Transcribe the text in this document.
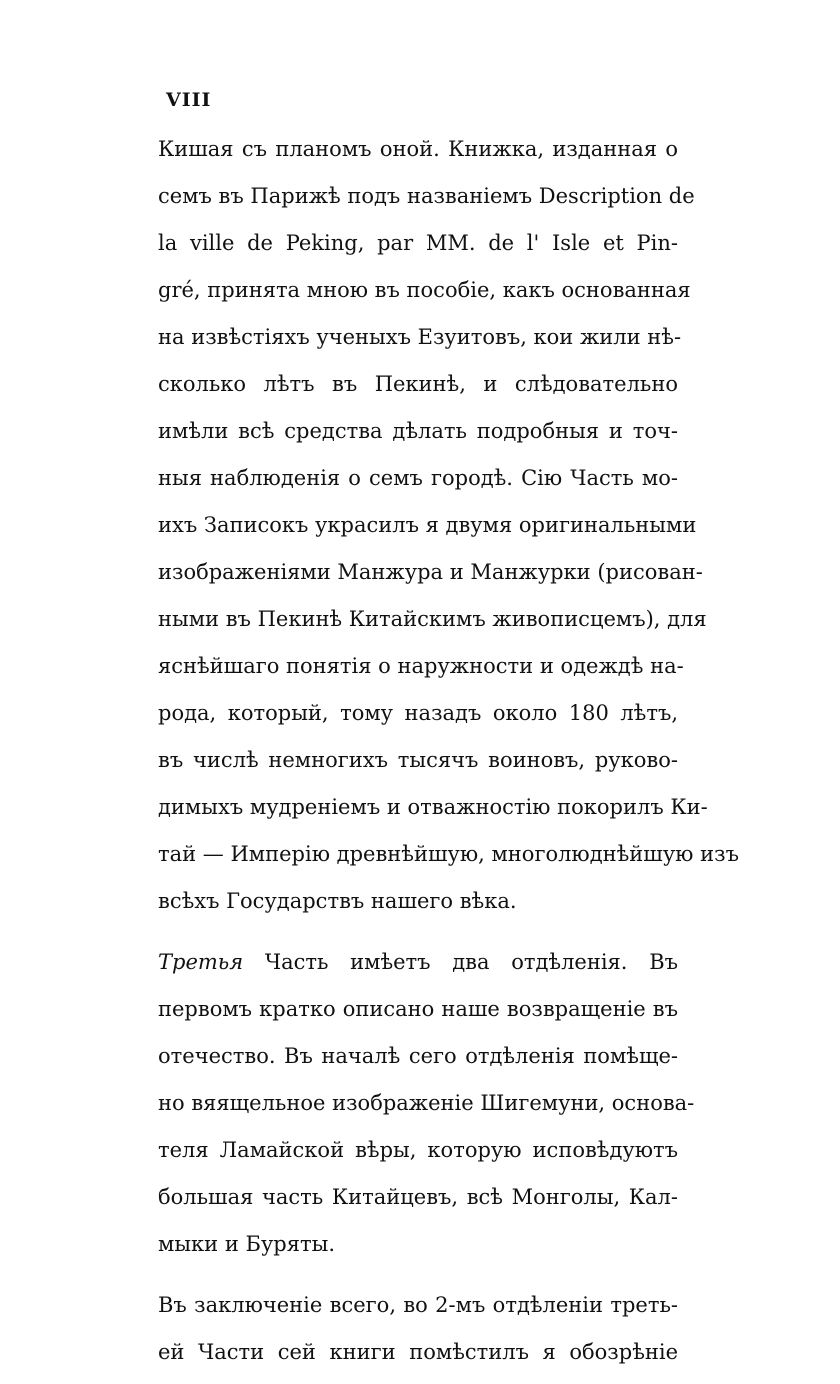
VIII
Кишая съ планомъ оной. Книжка, изданная о
семъ въ Парижѣ подъ названіемъ Description de
la ville de Peking, par MM. de l' Isle et Pin-
gré, принята мною въ пособіе, какъ основанная
на извѣстіяхъ ученыхъ Езуитовъ, кои жили нѣ-
сколько лѣтъ въ Пекинѣ, и слѣдовательно
имѣли всѣ средства дѣлать подробныя и точ-
ныя наблюденія о семъ городѣ. Сію Часть мо-
ихъ Записокъ украсилъ я двумя оригинальными
изображеніями Манжура и Манжурки (рисован-
ными въ Пекинѣ Китайскимъ живописцемъ), для
яснѣйшаго понятія о наружности и одеждѣ на-
рода, который, тому назадъ около 180 лѣтъ,
въ числѣ немногихъ тысячъ воиновъ, руково-
димыхъ мудреніемъ и отважностію покорилъ Ки-
тай — Имперію древнѣйшую, многолюднѣйшую изъ
всѣхъ Государствъ нашего вѣка.
Третья Часть имѣетъ два отдѣленія. Въ
первомъ кратко описано наше возвращеніе въ
отечество. Въ началѣ сего отдѣленія помѣще-
но вяящельное изображеніе Шигемуни, основа-
теля Ламайской вѣры, которую исповѣдуютъ
большая часть Китайцевъ, всѣ Монголы, Кал-
мыки и Буряты.
Въ заключеніе всего, во 2-мъ отдѣленіи треть-
ей Части сей книги помѣстилъ я обозрѣніе
